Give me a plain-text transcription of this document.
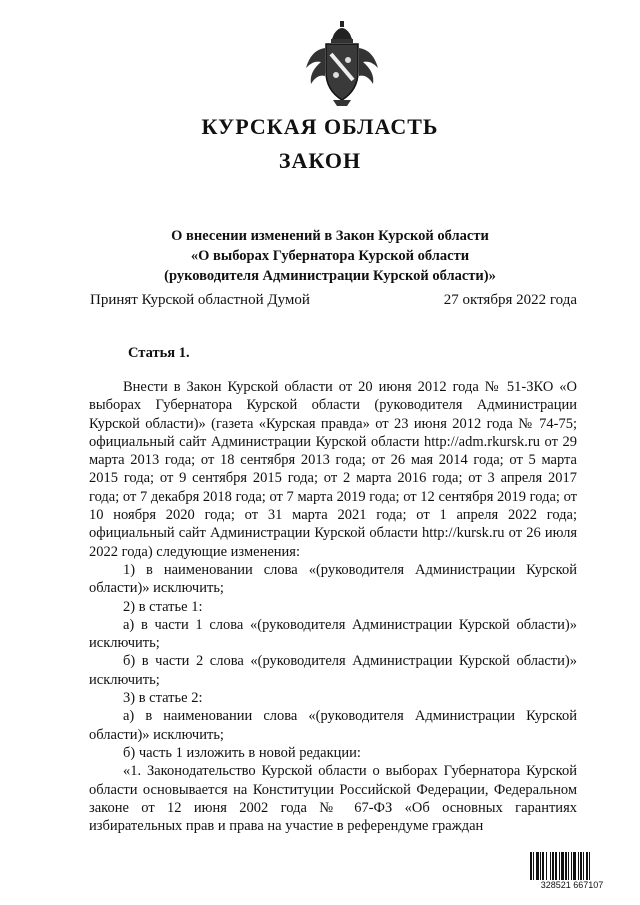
КУРСКАЯ ОБЛАСТЬ
ЗАКОН
О внесении изменений в Закон Курской области
«О выборах Губернатора Курской области
(руководителя Администрации Курской области)»
Принят Курской областной Думой	27 октября 2022 года
Статья 1.

Внести в Закон Курской области от 20 июня 2012 года № 51-ЗКО «О выборах Губернатора Курской области (руководителя Администрации Курской области)» (газета «Курская правда» от 23 июня 2012 года № 74-75; официальный сайт Администрации Курской области http://adm.rkursk.ru от 29 марта 2013 года; от 18 сентября 2013 года; от 26 мая 2014 года; от 5 марта 2015 года; от 9 сентября 2015 года; от 2 марта 2016 года; от 3 апреля 2017 года; от 7 декабря 2018 года; от 7 марта 2019 года; от 12 сентября 2019 года; от 10 ноября 2020 года; от 31 марта 2021 года; от 1 апреля 2022 года; официальный сайт Администрации Курской области http://kursk.ru от 26 июля 2022 года) следующие изменения:

1) в наименовании слова «(руководителя Администрации Курской области)» исключить;

2) в статье 1:

а) в части 1 слова «(руководителя Администрации Курской области)» исключить;

б) в части 2 слова «(руководителя Администрации Курской области)» исключить;

3) в статье 2:

а) в наименовании слова «(руководителя Администрации Курской области)» исключить;

б) часть 1 изложить в новой редакции:

«1. Законодательство Курской области о выборах Губернатора Курской области основывается на Конституции Российской Федерации, Федеральном законе от 12 июня 2002 года № 67-ФЗ «Об основных гарантиях избирательных прав и права на участие в референдуме граждан

328521 667107
